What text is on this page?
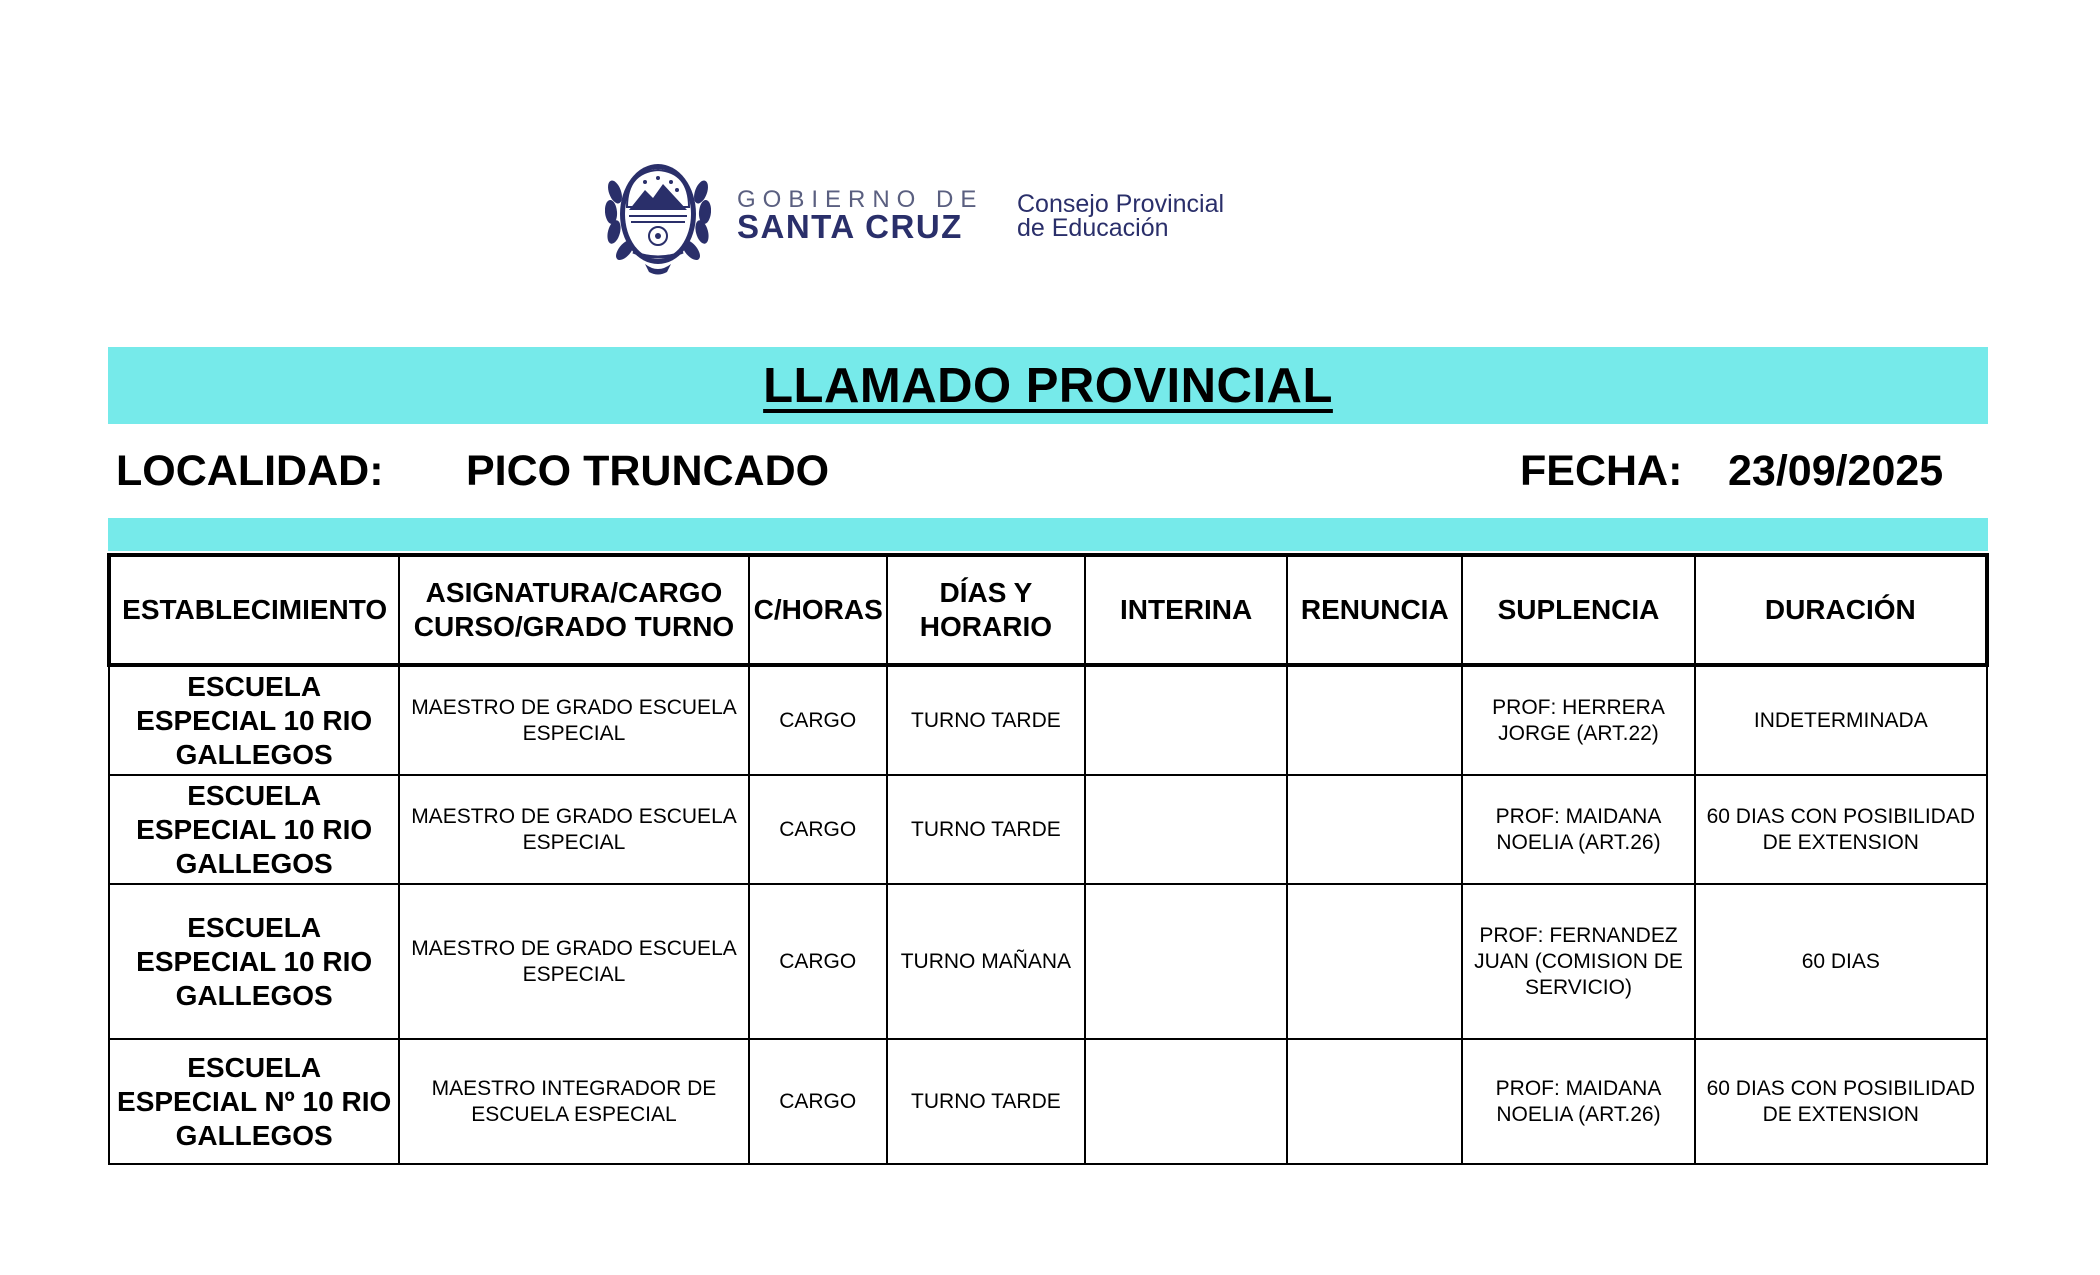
GOBIERNO DE
SANTA CRUZ
Consejo Provincial
de Educación
LLAMADO PROVINCIAL
LOCALIDAD: PICO TRUNCADO	FECHA: 23/09/2025
ESTABLECIMIENTO	ASIGNATURA/CARGO CURSO/GRADO TURNO	C/HORAS	DÍAS Y HORARIO	INTERINA	RENUNCIA	SUPLENCIA	DURACIÓN
ESCUELA ESPECIAL 10 RIO GALLEGOS	MAESTRO DE GRADO ESCUELA ESPECIAL	CARGO	TURNO TARDE			PROF: HERRERA JORGE (ART.22)	INDETERMINADA
ESCUELA ESPECIAL 10 RIO GALLEGOS	MAESTRO DE GRADO ESCUELA ESPECIAL	CARGO	TURNO TARDE			PROF: MAIDANA NOELIA (ART.26)	60 DIAS CON POSIBILIDAD DE EXTENSION
ESCUELA ESPECIAL 10 RIO GALLEGOS	MAESTRO DE GRADO ESCUELA ESPECIAL	CARGO	TURNO MAÑANA			PROF: FERNANDEZ JUAN (COMISION DE SERVICIO)	60 DIAS
ESCUELA ESPECIAL Nº 10 RIO GALLEGOS	MAESTRO INTEGRADOR DE ESCUELA ESPECIAL	CARGO	TURNO TARDE			PROF: MAIDANA NOELIA (ART.26)	60 DIAS CON POSIBILIDAD DE EXTENSION
